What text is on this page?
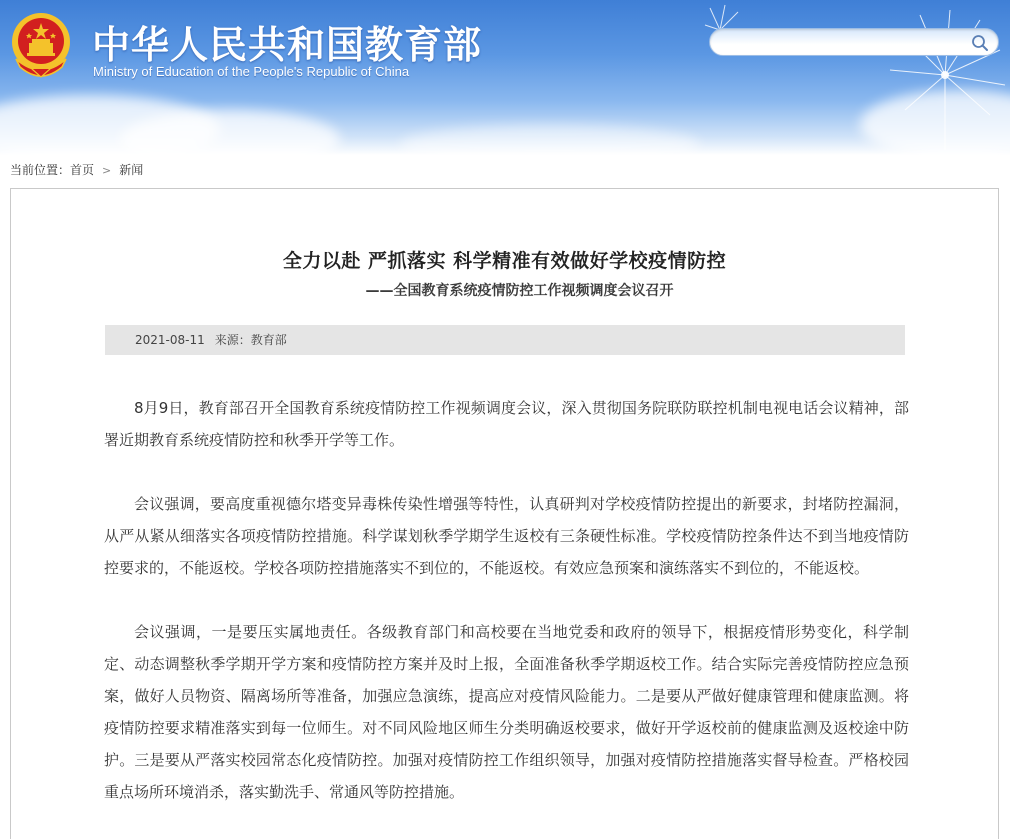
中华人民共和国教育部
Ministry of Education of the People's Republic of China
当前位置：首页 > 新闻
全力以赴 严抓落实 科学精准有效做好学校疫情防控
——全国教育系统疫情防控工作视频调度会议召开
2021-08-11 来源：教育部

8月9日，教育部召开全国教育系统疫情防控工作视频调度会议，深入贯彻国务院联防联控机制电视电话会议精神，部署近期教育系统疫情防控和秋季开学等工作。

会议强调，要高度重视德尔塔变异毒株传染性增强等特性，认真研判对学校疫情防控提出的新要求，封堵防控漏洞，从严从紧从细落实各项疫情防控措施。科学谋划秋季学期学生返校有三条硬性标准。学校疫情防控条件达不到当地疫情防控要求的，不能返校。学校各项防控措施落实不到位的，不能返校。有效应急预案和演练落实不到位的，不能返校。

会议强调，一是要压实属地责任。各级教育部门和高校要在当地党委和政府的领导下，根据疫情形势变化，科学制定、动态调整秋季学期开学方案和疫情防控方案并及时上报，全面准备秋季学期返校工作。结合实际完善疫情防控应急预案，做好人员物资、隔离场所等准备，加强应急演练，提高应对疫情风险能力。二是要从严做好健康管理和健康监测。将疫情防控要求精准落实到每一位师生。对不同风险地区师生分类明确返校要求，做好开学返校前的健康监测及返校途中防护。三是要从严落实校园常态化疫情防控。加强对疫情防控工作组织领导，加强对疫情防控措施落实督导检查。严格校园重点场所环境消杀，落实勤洗手、常通风等防控措施。
